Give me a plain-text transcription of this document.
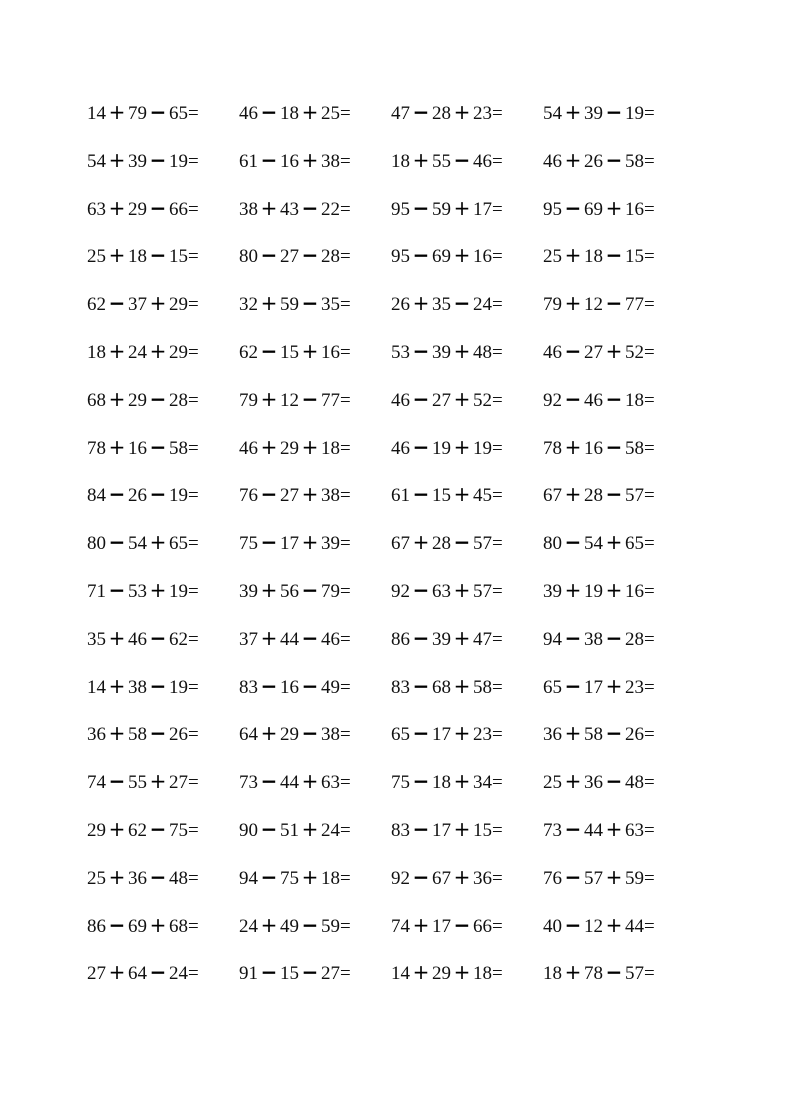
14 + 79 − 65= 46 − 18 + 25= 47 − 28 + 23= 54 + 39 − 19=
54 + 39 − 19= 61 − 16 + 38= 18 + 55 − 46= 46 + 26 − 58=
63 + 29 − 66= 38 + 43 − 22= 95 − 59 + 17= 95 − 69 + 16=
25 + 18 − 15= 80 − 27 − 28= 95 − 69 + 16= 25 + 18 − 15=
62 − 37 + 29= 32 + 59 − 35= 26 + 35 − 24= 79 + 12 − 77=
18 + 24 + 29= 62 − 15 + 16= 53 − 39 + 48= 46 − 27 + 52=
68 + 29 − 28= 79 + 12 − 77= 46 − 27 + 52= 92 − 46 − 18=
78 + 16 − 58= 46 + 29 + 18= 46 − 19 + 19= 78 + 16 − 58=
84 − 26 − 19= 76 − 27 + 38= 61 − 15 + 45= 67 + 28 − 57=
80 − 54 + 65= 75 − 17 + 39= 67 + 28 − 57= 80 − 54 + 65=
71 − 53 + 19= 39 + 56 − 79= 92 − 63 + 57= 39 + 19 + 16=
35 + 46 − 62= 37 + 44 − 46= 86 − 39 + 47= 94 − 38 − 28=
14 + 38 − 19= 83 − 16 − 49= 83 − 68 + 58= 65 − 17 + 23=
36 + 58 − 26= 64 + 29 − 38= 65 − 17 + 23= 36 + 58 − 26=
74 − 55 + 27= 73 − 44 + 63= 75 − 18 + 34= 25 + 36 − 48=
29 + 62 − 75= 90 − 51 + 24= 83 − 17 + 15= 73 − 44 + 63=
25 + 36 − 48= 94 − 75 + 18= 92 − 67 + 36= 76 − 57 + 59=
86 − 69 + 68= 24 + 49 − 59= 74 + 17 − 66= 40 − 12 + 44=
27 + 64 − 24= 91 − 15 − 27= 14 + 29 + 18= 18 + 78 − 57=
